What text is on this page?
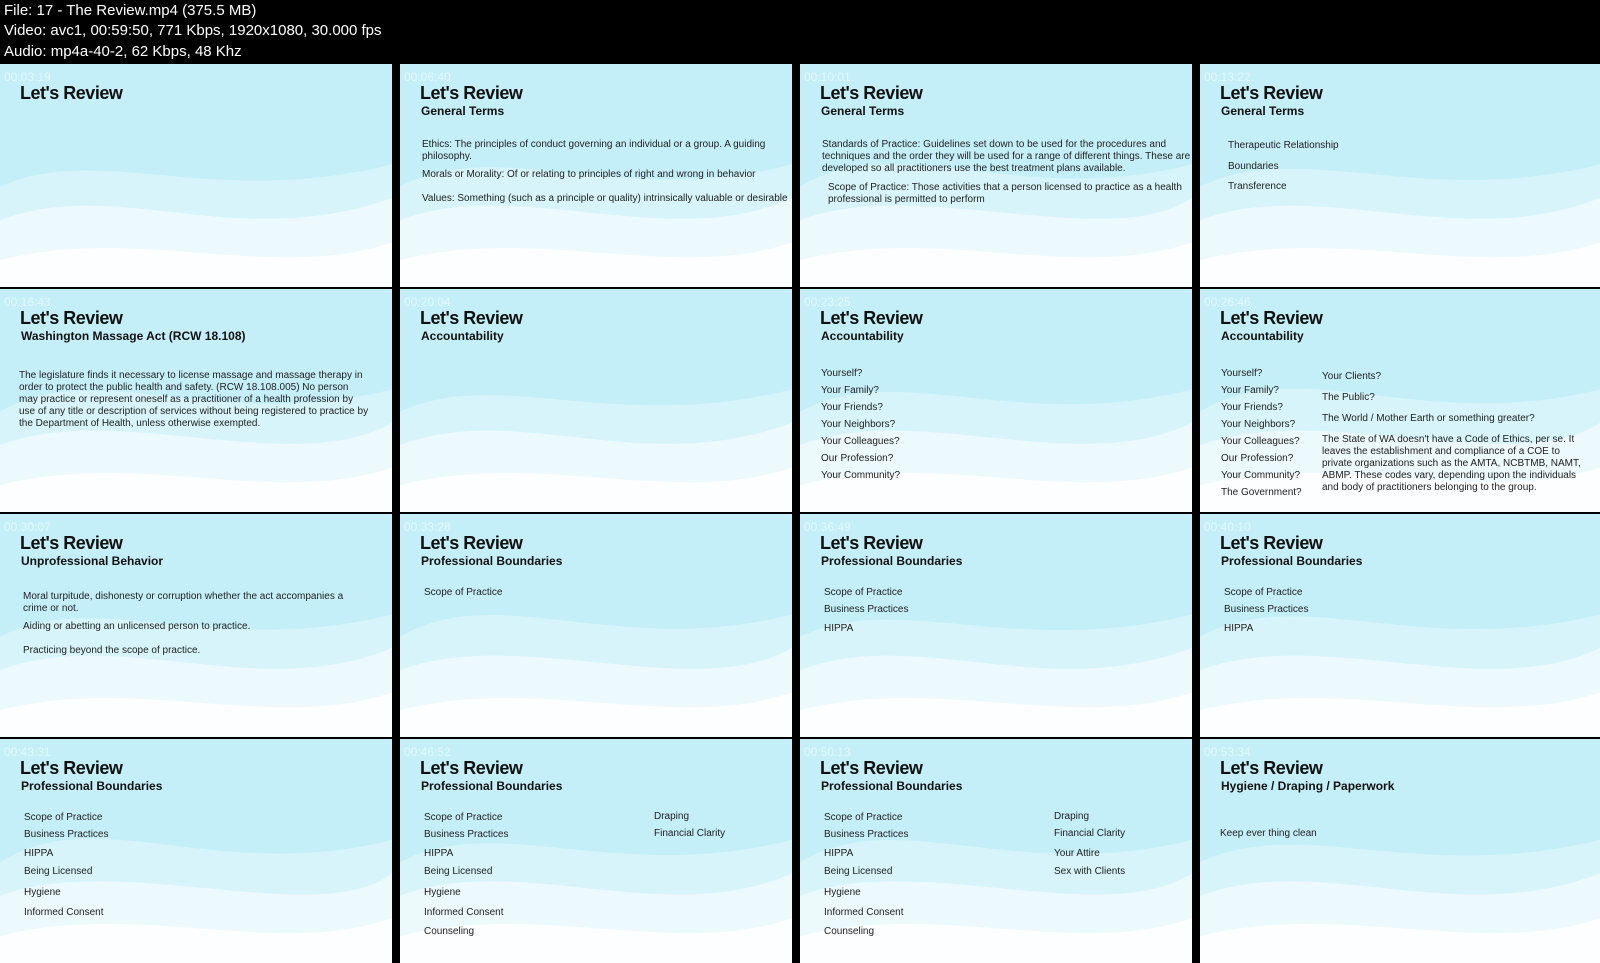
File: 17 - The Review.mp4 (375.5 MB)
Video: avc1, 00:59:50, 771 Kbps, 1920x1080, 30.000 fps
Audio: mp4a-40-2, 62 Kbps, 48 Khz
00:03:19
Let's Review
00:06:40
Let's Review
General Terms
Ethics: The principles of conduct governing an individual or a group. A guiding philosophy.
Morals or Morality: Of or relating to principles of right and wrong in behavior
Values: Something (such as a principle or quality) intrinsically valuable or desirable
00:10:01
Let's Review
General Terms
Standards of Practice: Guidelines set down to be used for the procedures and techniques and the order they will be used for a range of different things. These are developed so all practitioners use the best treatment plans available.
Scope of Practice: Those activities that a person licensed to practice as a health professional is permitted to perform
00:13:22
Let's Review
General Terms
Therapeutic Relationship
Boundaries
Transference
00:16:43
Let's Review
Washington Massage Act (RCW 18.108)
The legislature finds it necessary to license massage and massage therapy in order to protect the public health and safety. (RCW 18.108.005) No person may practice or represent oneself as a practitioner of a health profession by use of any title or description of services without being registered to practice by the Department of Health, unless otherwise exempted.
00:20:04
Let's Review
Accountability
00:23:25
Let's Review
Accountability
Yourself?
Your Family?
Your Friends?
Your Neighbors?
Your Colleagues?
Our Profession?
Your Community?
00:26:46
Let's Review
Accountability
Yourself?
Your Family?
Your Friends?
Your Neighbors?
Your Colleagues?
Our Profession?
Your Community?
The Government?
Your Clients?
The Public?
The World / Mother Earth or something greater?
The State of WA doesn't have a Code of Ethics, per se. It leaves the establishment and compliance of a COE to private organizations such as the AMTA, NCBTMB, NAMT, ABMP. These codes vary, depending upon the individuals and body of practitioners belonging to the group.
00:30:07
Let's Review
Unprofessional Behavior
Moral turpitude, dishonesty or corruption whether the act accompanies a crime or not.
Aiding or abetting an unlicensed person to practice.
Practicing beyond the scope of practice.
00:33:28
Let's Review
Professional Boundaries
Scope of Practice
00:36:49
Let's Review
Professional Boundaries
Scope of Practice
Business Practices
HIPPA
00:40:10
Let's Review
Professional Boundaries
Scope of Practice
Business Practices
HIPPA
00:43:31
Let's Review
Professional Boundaries
Scope of Practice
Business Practices
HIPPA
Being Licensed
Hygiene
Informed Consent
00:46:52
Let's Review
Professional Boundaries
Scope of Practice
Business Practices
HIPPA
Being Licensed
Hygiene
Informed Consent
Counseling
Draping
Financial Clarity
00:50:13
Let's Review
Professional Boundaries
Scope of Practice
Business Practices
HIPPA
Being Licensed
Hygiene
Informed Consent
Counseling
Draping
Financial Clarity
Your Attire
Sex with Clients
00:53:34
Let's Review
Hygiene / Draping / Paperwork
Keep ever thing clean
